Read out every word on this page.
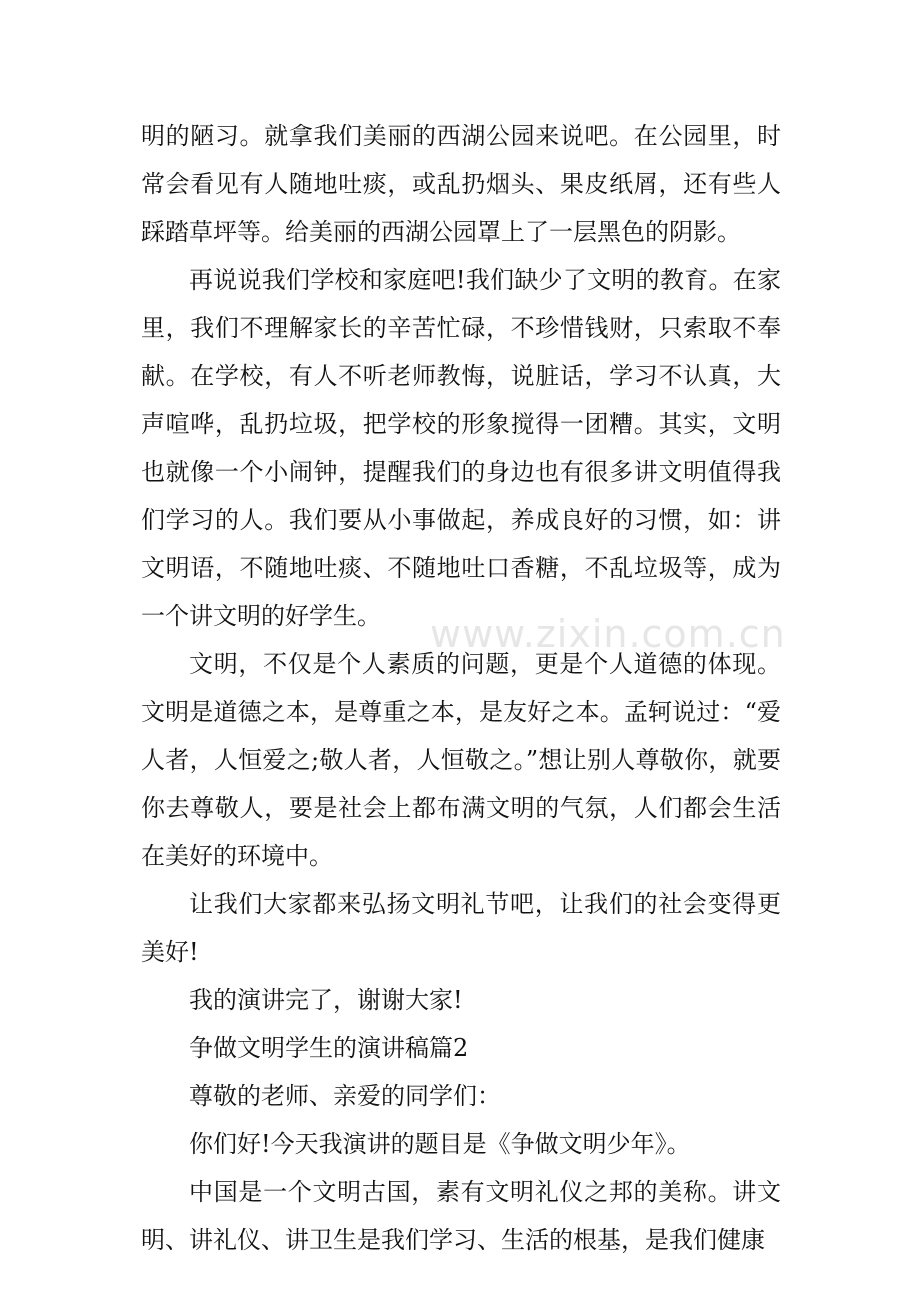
www.zixin.com.cn

明的陋习。就拿我们美丽的西湖公园来说吧。在公园里，时常会看见有人随地吐痰，或乱扔烟头、果皮纸屑，还有些人踩踏草坪等。给美丽的西湖公园罩上了一层黑色的阴影。

再说说我们学校和家庭吧!我们缺少了文明的教育。在家里，我们不理解家长的辛苦忙碌，不珍惜钱财，只索取不奉献。在学校，有人不听老师教悔，说脏话，学习不认真，大声喧哗，乱扔垃圾，把学校的形象搅得一团糟。其实，文明也就像一个小闹钟，提醒我们的身边也有很多讲文明值得我们学习的人。我们要从小事做起，养成良好的习惯，如：讲文明语，不随地吐痰、不随地吐口香糖，不乱垃圾等，成为一个讲文明的好学生。

文明，不仅是个人素质的问题，更是个人道德的体现。文明是道德之本，是尊重之本，是友好之本。孟轲说过：“爱人者，人恒爱之;敬人者，人恒敬之。”想让别人尊敬你，就要你去尊敬人，要是社会上都布满文明的气氛，人们都会生活在美好的环境中。

让我们大家都来弘扬文明礼节吧，让我们的社会变得更美好!

我的演讲完了，谢谢大家!

争做文明学生的演讲稿篇2

尊敬的老师、亲爱的同学们：

你们好!今天我演讲的题目是《争做文明少年》。

中国是一个文明古国，素有文明礼仪之邦的美称。讲文明、讲礼仪、讲卫生是我们学习、生活的根基，是我们健康
